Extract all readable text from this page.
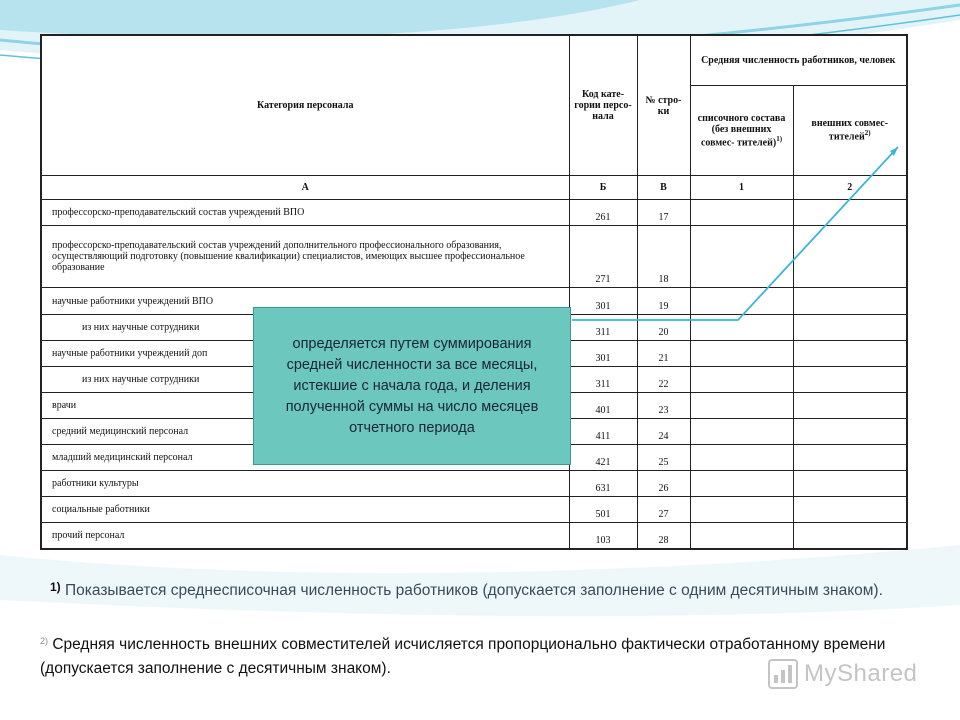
Категория персонала	Код кате- гории персо- нала	№ стро- ки	Средняя численность работников, человек	
			списочного состава (без внешних совмес- тителей)$^{1)}$	внешних совмес- тителей$^{2)}$
А	Б	В	1	2
профессорско-преподавательский состав учреждений ВПО	261	17		
профессорско-преподавательский состав учреждений дополнительного профессионального образования, осуществляющий подготовку (повышение квалификации) специалистов, имеющих высшее профессиональное образование	271	18		
научные работники учреждений ВПО	301	19		
из них научные сотрудники	311	20		
научные работники учреждений доп	301	21		
из них научные сотрудники	311	22		
врачи	401	23		
средний медицинский персонал	411	24		
младший медицинский персонал	421	25		
работники культуры	631	26		
социальные работники	501	27		
прочий персонал	103	28		
определяется путем суммирования средней численности за все месяцы, истекшие с начала года, и деления полученной суммы на число месяцев отчетного периода
$^{1)}$ Показывается среднесписочная численность работников (допускается заполнение с одним десятичным знаком).
$^{2)}$ Средняя численность внешних совместителей исчисляется пропорционально фактически отработанному времени (допускается заполнение с десятичным знаком).	MyShared
